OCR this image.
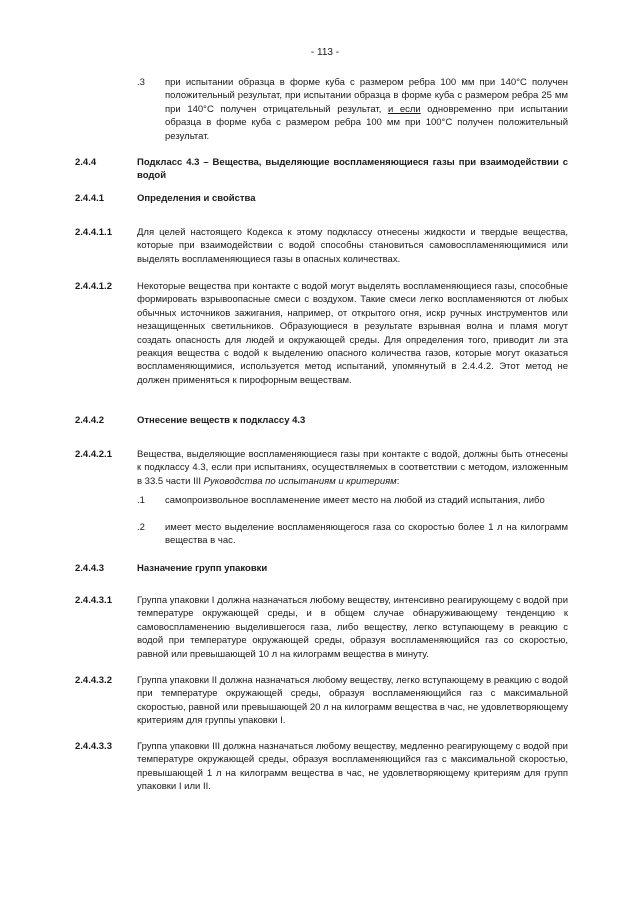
- 113 -
.3 при испытании образца в форме куба с размером ребра 100 мм при 140°C получен положительный результат, при испытании образца в форме куба с размером ребра 25 мм при 140°C получен отрицательный результат, и если одновременно при испытании образца в форме куба с размером ребра 100 мм при 100°C получен положительный результат.
2.4.4	Подкласс 4.3 – Вещества, выделяющие воспламеняющиеся газы при взаимодействии с водой
2.4.4.1	Определения и свойства
2.4.4.1.1	Для целей настоящего Кодекса к этому подклассу отнесены жидкости и твердые вещества, которые при взаимодействии с водой способны становиться самовоспламеняющимися или выделять воспламеняющиеся газы в опасных количествах.
2.4.4.1.2	Некоторые вещества при контакте с водой могут выделять воспламеняющиеся газы, способные формировать взрывоопасные смеси с воздухом. Такие смеси легко воспламеняются от любых обычных источников зажигания, например, от открытого огня, искр ручных инструментов или незащищенных светильников. Образующиеся в результате взрывная волна и пламя могут создать опасность для людей и окружающей среды. Для определения того, приводит ли эта реакция вещества с водой к выделению опасного количества газов, которые могут оказаться воспламеняющимися, используется метод испытаний, упомянутый в 2.4.4.2. Этот метод не должен применяться к пирофорным веществам.
2.4.4.2	Отнесение веществ к подклассу 4.3
2.4.4.2.1	Вещества, выделяющие воспламеняющиеся газы при контакте с водой, должны быть отнесены к подклассу 4.3, если при испытаниях, осуществляемых в соответствии с методом, изложенным в 33.5 части III Руководства по испытаниям и критериям:
.1 самопроизвольное воспламенение имеет место на любой из стадий испытания, либо
.2 имеет место выделение воспламеняющегося газа со скоростью более 1 л на килограмм вещества в час.
2.4.4.3	Назначение групп упаковки
2.4.4.3.1	Группа упаковки I должна назначаться любому веществу, интенсивно реагирующему с водой при температуре окружающей среды, и в общем случае обнаруживающему тенденцию к самовоспламенению выделившегося газа, либо веществу, легко вступающему в реакцию с водой при температуре окружающей среды, образуя воспламеняющийся газ со скоростью, равной или превышающей 10 л на килограмм вещества в минуту.
2.4.4.3.2	Группа упаковки II должна назначаться любому веществу, легко вступающему в реакцию с водой при температуре окружающей среды, образуя воспламеняющийся газ с максимальной скоростью, равной или превышающей 20 л на килограмм вещества в час, не удовлетворяющему критериям для группы упаковки I.
2.4.4.3.3	Группа упаковки III должна назначаться любому веществу, медленно реагирующему с водой при температуре окружающей среды, образуя воспламеняющийся газ с максимальной скоростью, превышающей 1 л на килограмм вещества в час, не удовлетворяющему критериям для групп упаковки I или II.
